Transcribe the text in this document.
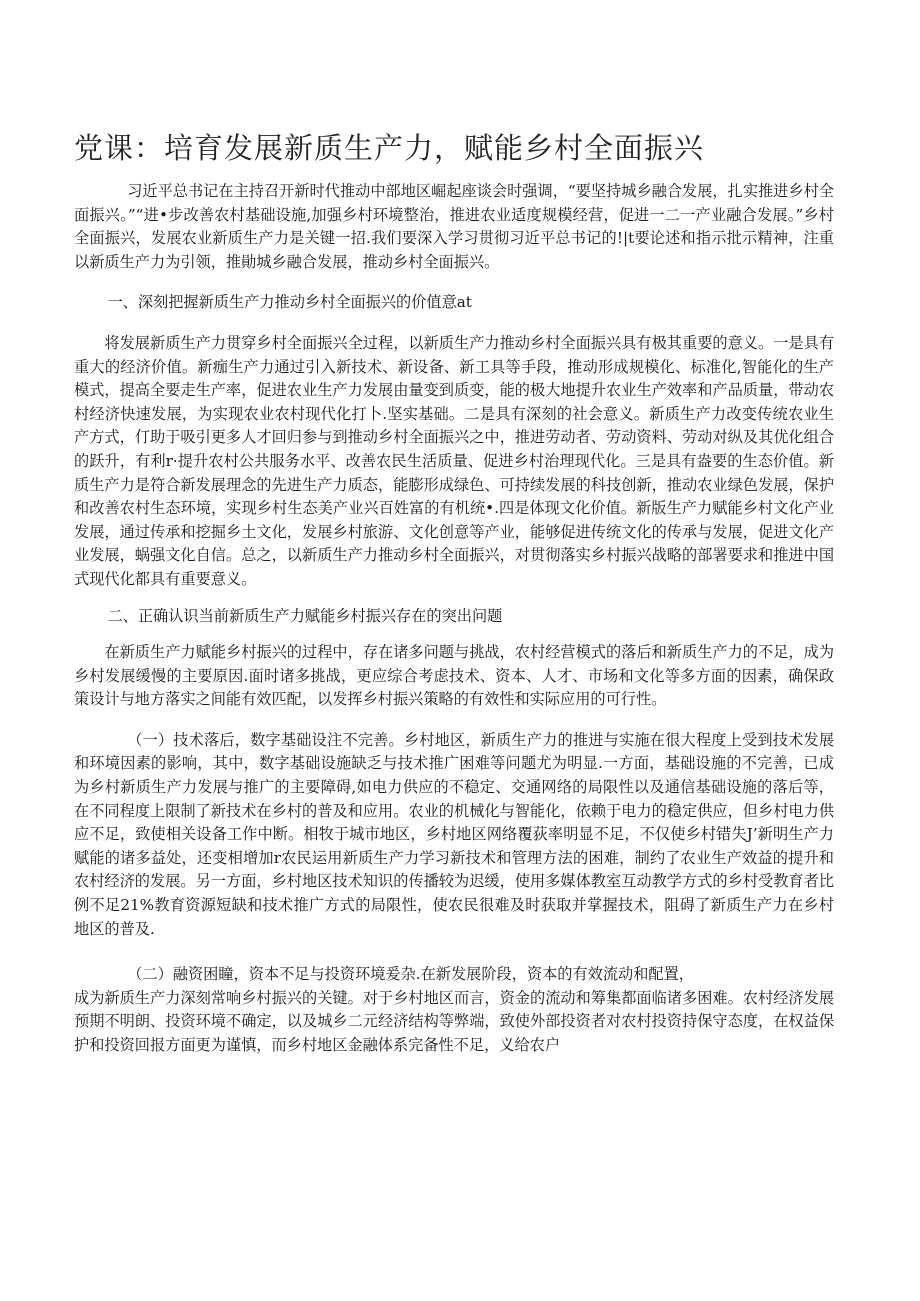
党课：培育发展新质生产力，赋能乡村全面振兴

习近平总书记在主持召开新时代推动中部地区崛起座谈会时强调，“要坚持城乡融合发展，扎实推进乡村全面振兴。”“进•步改善农村基础设施,加强乡村环境整治，推进农业适度规模经营，促进一二一产业融合发展。”乡村全面振兴，发展农业新质生产力是关键一招.我们要深入学习贯彻习近平总书记的!|t要论述和指示批示精神，注重以新质生产力为引领，推勛城乡融合发展，推动乡村全面振兴。

一、深刻把握新质生产力推动乡村全面振兴的价值意at

将发展新质生产力贯穿乡村全面振兴全过程，以新质生产力推动乡村全面振兴具有极其重要的意义。一是具有重大的经济价值。新痂生产力通过引入新技术、新设备、新工具等手段，推动形成规模化、标准化,智能化的生产模式，提高全要走生产率，促进农业生产力发展由量变到质变，能的极大地提升农业生产效率和产品质量，带动农村经济快速发展，为实现农业农村现代化打卜.坚实基础。二是具有深刻的社会意义。新质生产力改变传统农业生产方式，仃助于吸引更多人才回归参与到推动乡村全面振兴之中，推进劳动者、劳动资料、劳动对纵及其优化组合的跃升，有利r·提升农村公共服务水平、改善农民生活质量、促进乡村治理现代化。三是具有盎要的生态价值。新质生产力是符合新发展理念的先进生产力质态，能膨形成绿色、可持续发展的科技创新，推动农业绿色发展，保护和改善农村生态环境，实现乡村生态美产业兴百姓富的有机统•.四是体现文化价值。新版生产力赋能乡村文化产业发展，通过传承和挖掘乡土文化，发展乡村旅游、文化创意等产业，能够促进传统文化的传承与发展，促进文化产业发展，蜗强文化自信。总之，以新质生产力推动乡村全面振兴，对贯彻落实乡村振兴战略的部署要求和推进中国式现代化都具有重要意义。

二、正确认识当前新质生产力赋能乡村振兴存在的突出问题

在新质生产力赋能乡村振兴的过程中，存在诸多问题与挑战，农村经营模式的落后和新质生产力的不足，成为乡村发展缓慢的主要原因.面时诸多挑战，更应综合考虑技术、资本、人才、市场和文化等多方面的因素，确保政策设计与地方落实之间能有效匹配，以发挥乡村振兴策略的有效性和实际应用的可行性。

（一）技术落后，数字基础设注不完善。乡村地区，新质生产力的推进与实施在很大程度上受到技术发展和环境因素的影响，其中，数字基础设施缺乏与技术推广困难等问题尤为明显.一方面，基础设施的不完善，已成为乡村新质生产力发展与推广的主要障碍,如电力供应的不稳定、交通网络的局限性以及通信基础设施的落后等，在不同程度上限制了新技术在乡村的普及和应用。农业的机械化与智能化，依赖于电力的稳定供应，但乡村电力供应不足，致使相关设备工作中断。相牧于城市地区，乡村地区网络覆荻率明显不足，不仅使乡村错失J’新明生产力赋能的诸多益处，还变相增加r农民运用新质生产力学习新技术和管理方法的困难，制约了农业生产效益的提升和农村经济的发展。另一方面，乡村地区技术知识的传播较为迟缓，使用多媒体教室互动教学方式的乡村受教育者比例不足21%教育资源短缺和技术推广方式的局限性，使农民很难及时获取并掌握技术，阻碍了新质生产力在乡村地区的普及.

（二）融资困瞳，资本不足与投资环境爰杂.在新发展阶段，资本的有效流动和配置，

成为新质生产力深刻常响乡村振兴的关键。对于乡村地区而言，资金的流动和筹集都面临诸多困难。农村经济发展预期不明朗、投资环境不确定，以及城乡二元经济结构等弊端，致使外部投资者对农村投资持保守态度，在权益保护和投资回报方面更为谨慎，而乡村地区金融体系完备性不足，义给农户
